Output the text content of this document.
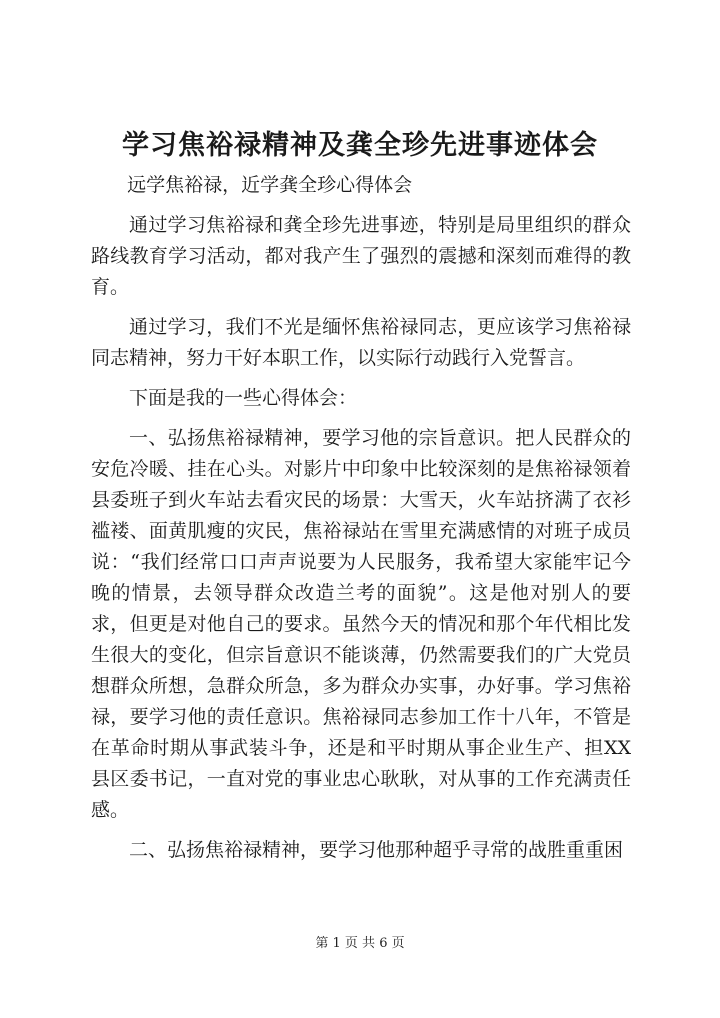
学习焦裕禄精神及龚全珍先进事迹体会

远学焦裕禄，近学龚全珍心得体会

通过学习焦裕禄和龚全珍先进事迹，特别是局里组织的群众路线教育学习活动，都对我产生了强烈的震撼和深刻而难得的教育。

通过学习，我们不光是缅怀焦裕禄同志，更应该学习焦裕禄同志精神，努力干好本职工作，以实际行动践行入党誓言。

下面是我的一些心得体会：

一、弘扬焦裕禄精神，要学习他的宗旨意识。把人民群众的安危冷暖、挂在心头。对影片中印象中比较深刻的是焦裕禄领着县委班子到火车站去看灾民的场景：大雪天，火车站挤满了衣衫褴褛、面黄肌瘦的灾民，焦裕禄站在雪里充满感情的对班子成员说：“我们经常口口声声说要为人民服务，我希望大家能牢记今晚的情景，去领导群众改造兰考的面貌”。这是他对别人的要求，但更是对他自己的要求。虽然今天的情况和那个年代相比发生很大的变化，但宗旨意识不能谈薄，仍然需要我们的广大党员想群众所想，急群众所急，多为群众办实事，办好事。学习焦裕禄，要学习他的责任意识。焦裕禄同志参加工作十八年，不管是在革命时期从事武装斗争，还是和平时期从事企业生产、担XX县区委书记，一直对党的事业忠心耿耿，对从事的工作充满责任感。

二、弘扬焦裕禄精神，要学习他那种超乎寻常的战胜重重困

第 1 页 共 6 页
